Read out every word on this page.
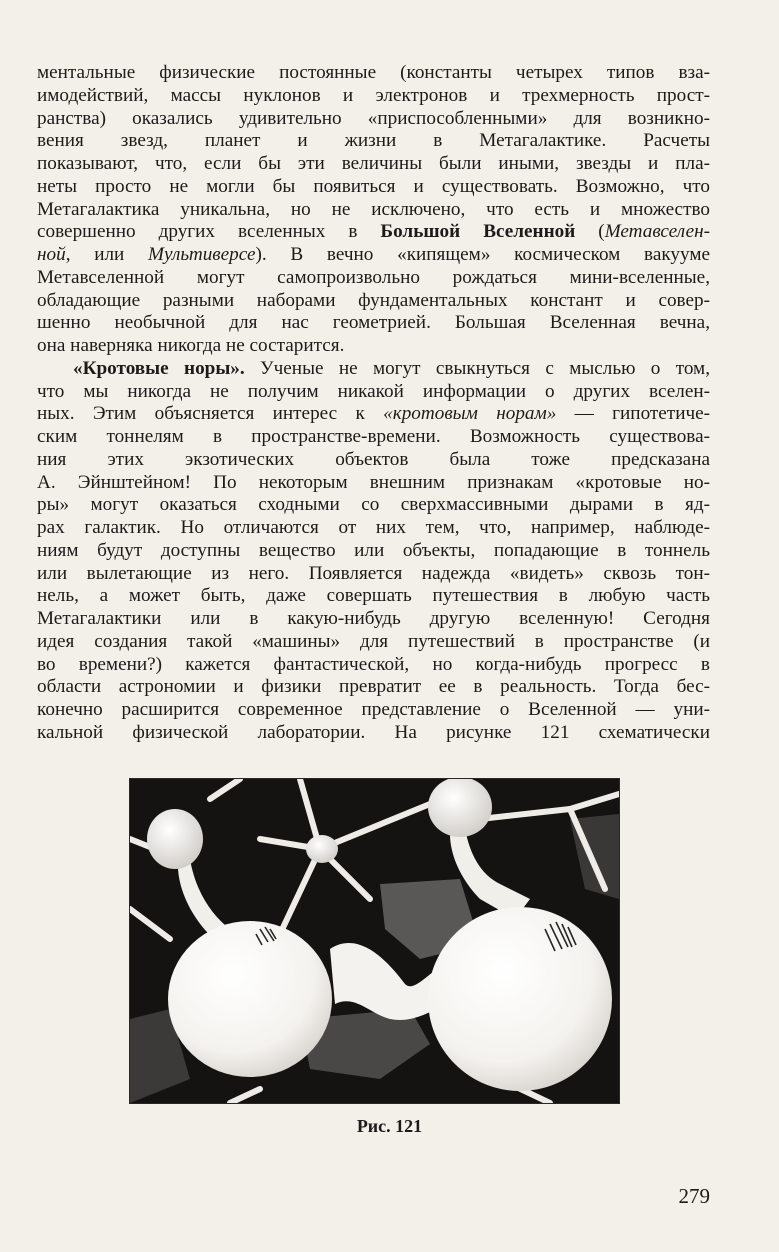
ментальные физические постоянные (константы четырех типов вза-
имодействий, массы нуклонов и электронов и трехмерность прост-
ранства) оказались удивительно «приспособленными» для возникно-
вения звезд, планет и жизни в Метагалактике. Расчеты
показывают, что, если бы эти величины были иными, звезды и пла-
неты просто не могли бы появиться и существовать. Возможно, что
Метагалактика уникальна, но не исключено, что есть и множество
совершенно других вселенных в Большой Вселенной (Метавселен-
ной, или Мультиверсе). В вечно «кипящем» космическом вакууме
Метавселенной могут самопроизвольно рождаться мини-вселенные,
обладающие разными наборами фундаментальных констант и совер-
шенно необычной для нас геометрией. Большая Вселенная вечна,
она наверняка никогда не состарится.
«Кротовые норы». Ученые не могут свыкнуться с мыслью о том,
что мы никогда не получим никакой информации о других вселен-
ных. Этим объясняется интерес к «кротовым норам» — гипотетиче-
ским тоннелям в пространстве-времени. Возможность существова-
ния этих экзотических объектов была тоже предсказана
А. Эйнштейном! По некоторым внешним признакам «кротовые но-
ры» могут оказаться сходными со сверхмассивными дырами в яд-
рах галактик. Но отличаются от них тем, что, например, наблюде-
ниям будут доступны вещество или объекты, попадающие в тоннель
или вылетающие из него. Появляется надежда «видеть» сквозь тон-
нель, а может быть, даже совершать путешествия в любую часть
Метагалактики или в какую-нибудь другую вселенную! Сегодня
идея создания такой «машины» для путешествий в пространстве (и
во времени?) кажется фантастической, но когда-нибудь прогресс в
области астрономии и физики превратит ее в реальность. Тогда бес-
конечно расширится современное представление о Вселенной — уни-
кальной физической лаборатории. На рисунке 121 схематически
Рис. 121
279
